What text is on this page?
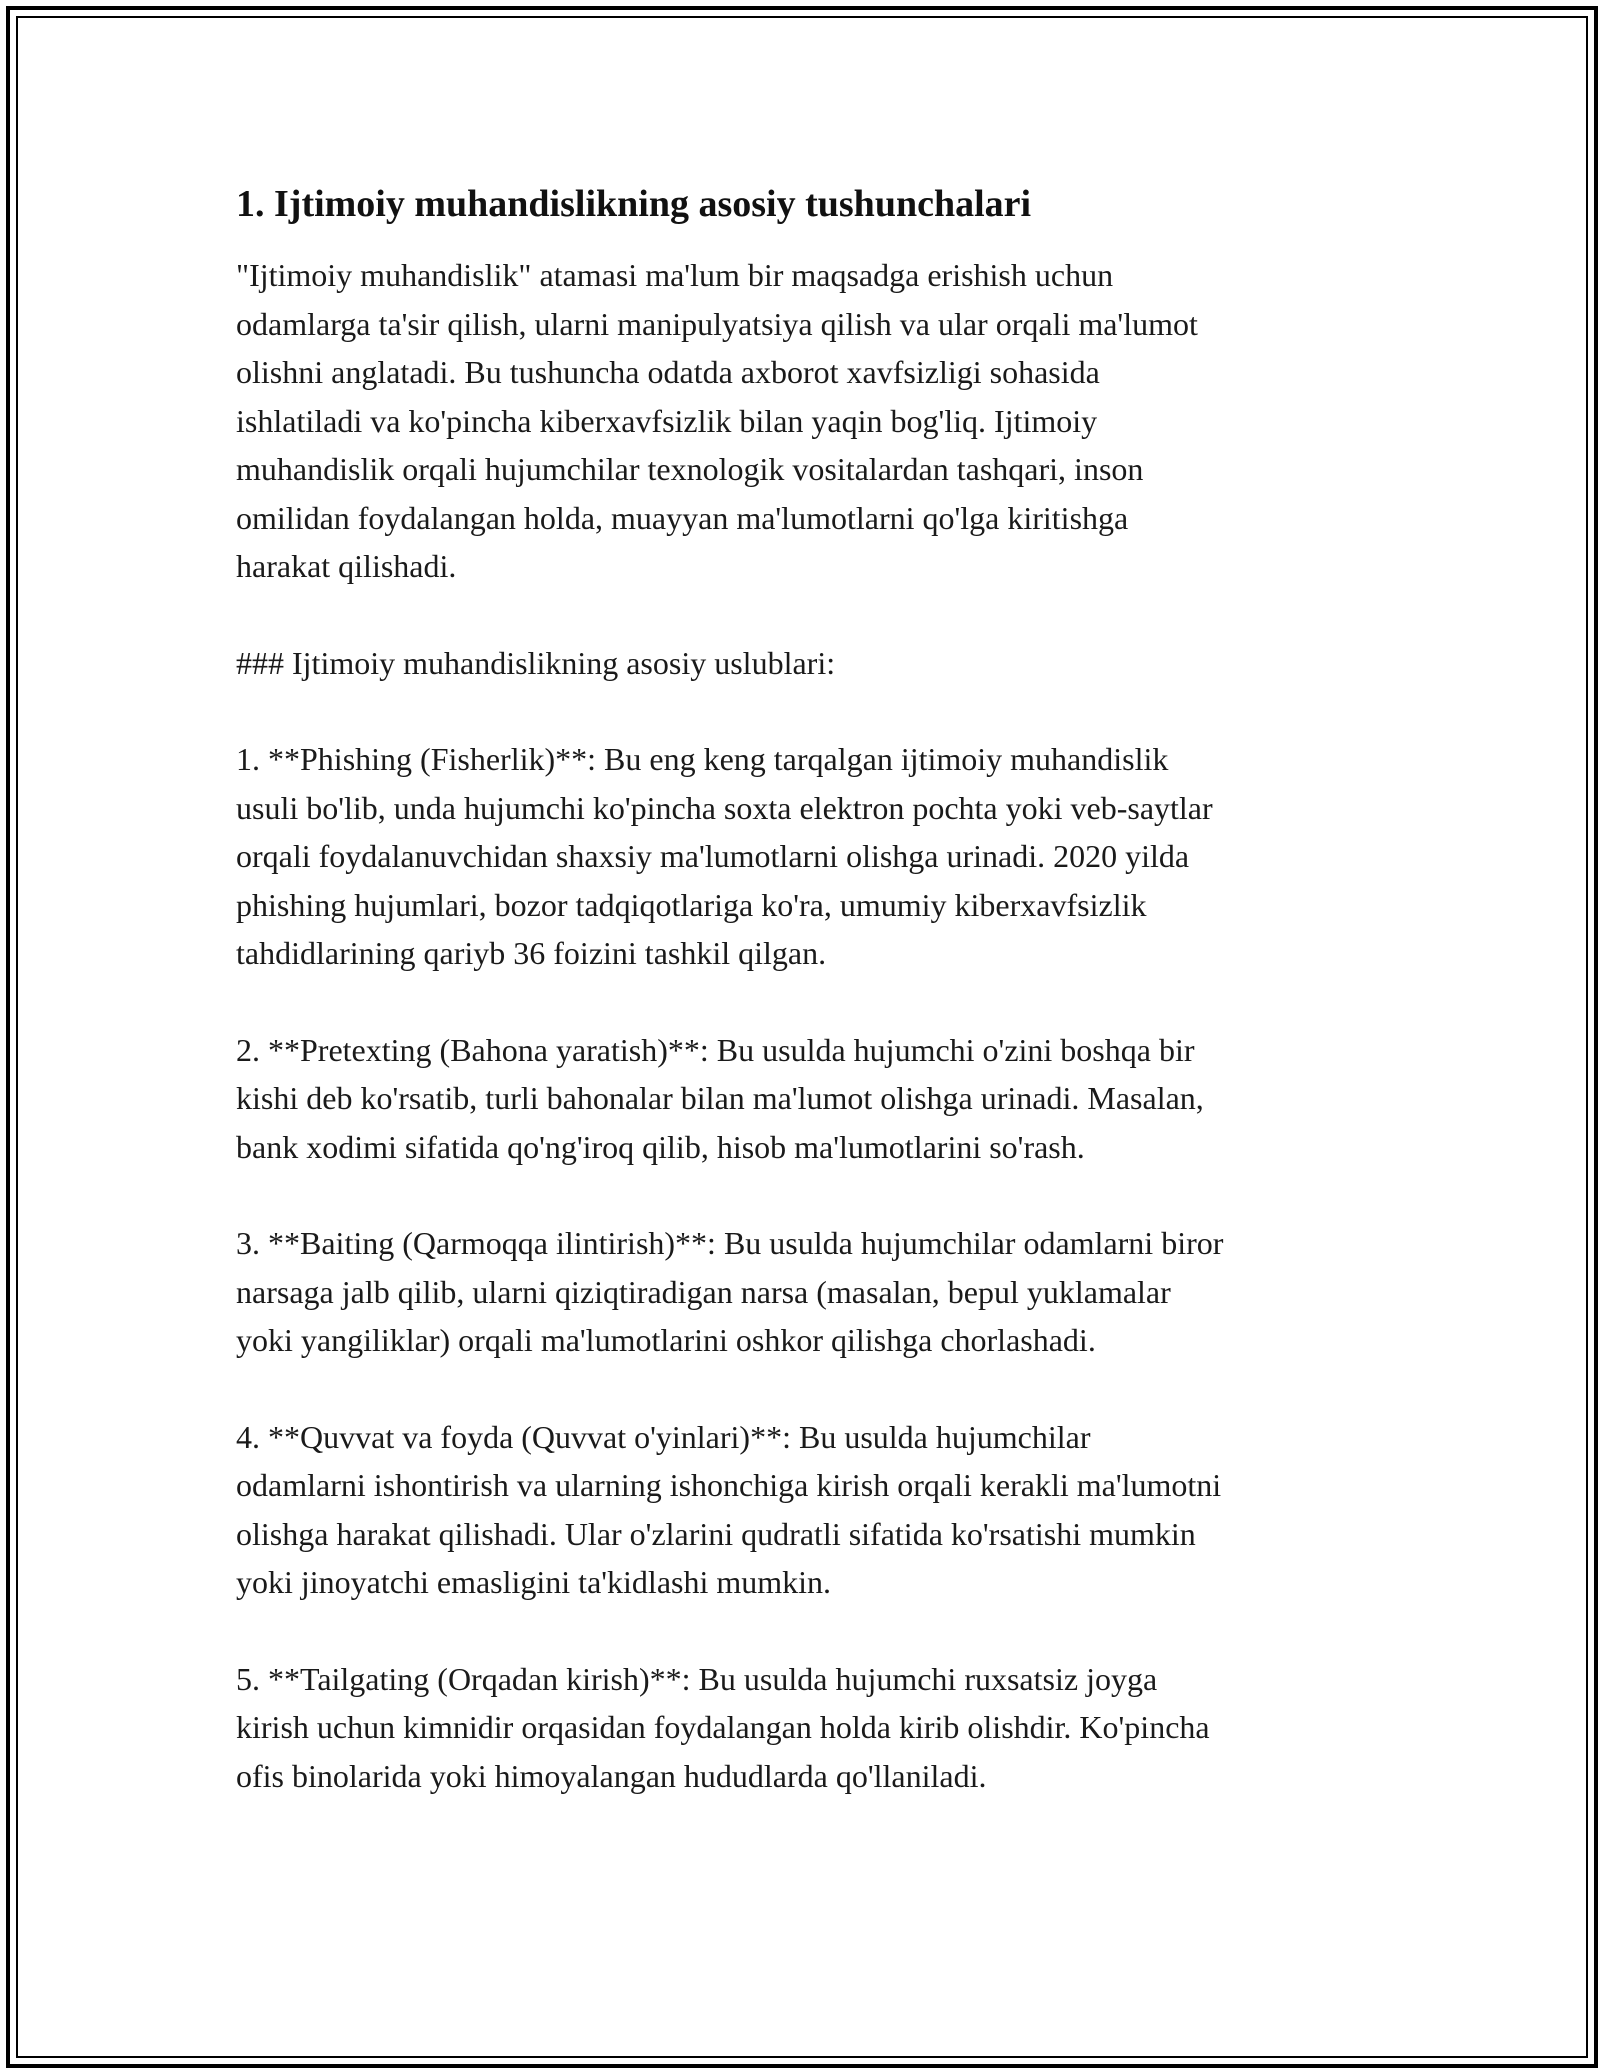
1. Ijtimoiy muhandislikning asosiy tushunchalari

"Ijtimoiy muhandislik" atamasi ma'lum bir maqsadga erishish uchun
odamlarga ta'sir qilish, ularni manipulyatsiya qilish va ular orqali ma'lumot
olishni anglatadi. Bu tushuncha odatda axborot xavfsizligi sohasida
ishlatiladi va ko'pincha kiberxavfsizlik bilan yaqin bog'liq. Ijtimoiy
muhandislik orqali hujumchilar texnologik vositalardan tashqari, inson
omilidan foydalangan holda, muayyan ma'lumotlarni qo'lga kiritishga
harakat qilishadi.

### Ijtimoiy muhandislikning asosiy uslublari:

1. **Phishing (Fisherlik)**: Bu eng keng tarqalgan ijtimoiy muhandislik
usuli bo'lib, unda hujumchi ko'pincha soxta elektron pochta yoki veb-saytlar
orqali foydalanuvchidan shaxsiy ma'lumotlarni olishga urinadi. 2020 yilda
phishing hujumlari, bozor tadqiqotlariga ko'ra, umumiy kiberxavfsizlik
tahdidlarining qariyb 36 foizini tashkil qilgan.

2. **Pretexting (Bahona yaratish)**: Bu usulda hujumchi o'zini boshqa bir
kishi deb ko'rsatib, turli bahonalar bilan ma'lumot olishga urinadi. Masalan,
bank xodimi sifatida qo'ng'iroq qilib, hisob ma'lumotlarini so'rash.

3. **Baiting (Qarmoqqa ilintirish)**: Bu usulda hujumchilar odamlarni biror
narsaga jalb qilib, ularni qiziqtiradigan narsa (masalan, bepul yuklamalar
yoki yangiliklar) orqali ma'lumotlarini oshkor qilishga chorlashadi.

4. **Quvvat va foyda (Quvvat o'yinlari)**: Bu usulda hujumchilar
odamlarni ishontirish va ularning ishonchiga kirish orqali kerakli ma'lumotni
olishga harakat qilishadi. Ular o'zlarini qudratli sifatida ko'rsatishi mumkin
yoki jinoyatchi emasligini ta'kidlashi mumkin.

5. **Tailgating (Orqadan kirish)**: Bu usulda hujumchi ruxsatsiz joyga
kirish uchun kimnidir orqasidan foydalangan holda kirib olishdir. Ko'pincha
ofis binolarida yoki himoyalangan hududlarda qo'llaniladi.
